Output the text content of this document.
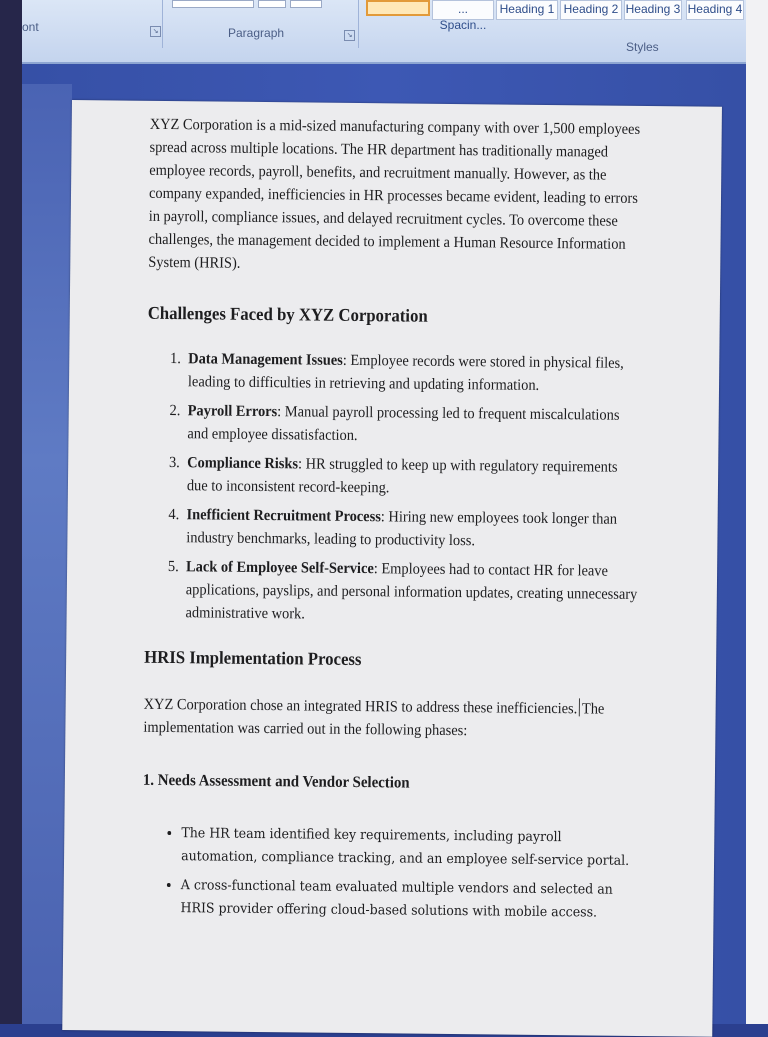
... Spacin...
Heading 1 Heading 2 Heading 3 Heading 4
ont	↘	Paragraph	↘
Styles

XYZ Corporation is a mid-sized manufacturing company with over 1,500 employees spread across multiple locations. The HR department has traditionally managed employee records, payroll, benefits, and recruitment manually. However, as the company expanded, inefficiencies in HR processes became evident, leading to errors in payroll, compliance issues, and delayed recruitment cycles. To overcome these challenges, the management decided to implement a Human Resource Information System (HRIS).

Challenges Faced by XYZ Corporation
1. Data Management Issues: Employee records were stored in physical files, leading to difficulties in retrieving and updating information.
2. Payroll Errors: Manual payroll processing led to frequent miscalculations and employee dissatisfaction.
3. Compliance Risks: HR struggled to keep up with regulatory requirements due to inconsistent record-keeping.
4. Inefficient Recruitment Process: Hiring new employees took longer than industry benchmarks, leading to productivity loss.
5. Lack of Employee Self-Service: Employees had to contact HR for leave applications, payslips, and personal information updates, creating unnecessary administrative work.
HRIS Implementation Process

XYZ Corporation chose an integrated HRIS to address these inefficiencies. The implementation was carried out in the following phases:

1. Needs Assessment and Vendor Selection
• The HR team identified key requirements, including payroll automation, compliance tracking, and an employee self-service portal.
• A cross-functional team evaluated multiple vendors and selected an HRIS provider offering cloud-based solutions with mobile access.
